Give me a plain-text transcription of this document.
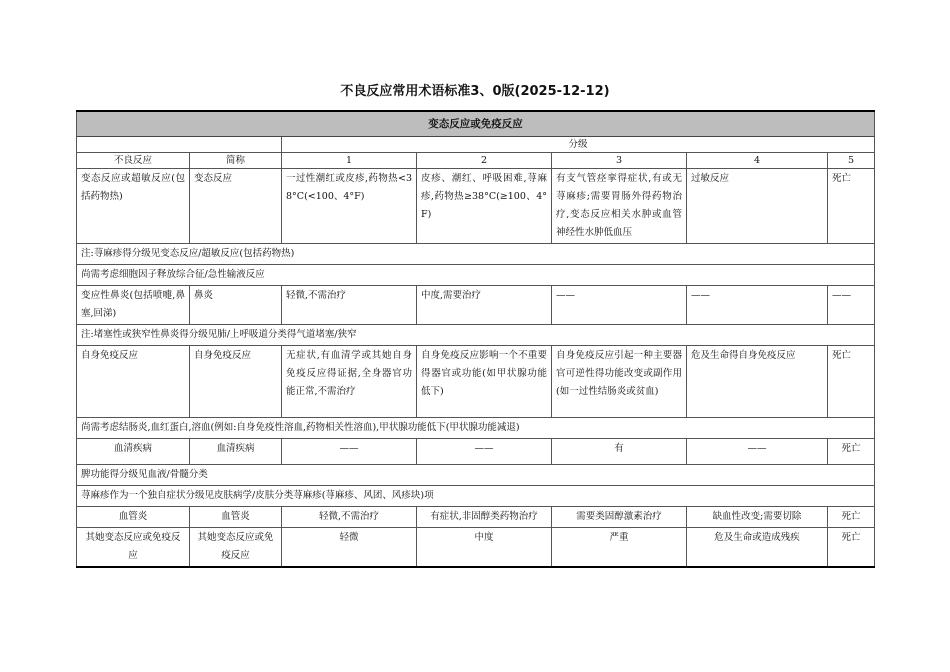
不良反应常用术语标准3、0版(2025-12-12)
变态反应或免疫反应						
		分级				
不良反应	简称	1	2	3	4	5
变态反应或超敏反应(包括药物热)	变态反应	一过性潮红或皮疹,药物热<38°C(<100、4°F)	皮疹、潮红、呼吸困难,荨麻疹,药物热≥38°C(≥100、4°F)	有支气管痉挛得症状,有或无荨麻疹;需要胃肠外得药物治疗,变态反应相关水肿或血管神经性水肿低血压	过敏反应	死亡
注:荨麻疹得分级见变态反应/超敏反应(包括药物热)						
尚需考虑细胞因子释放综合征/急性输液反应						
变应性鼻炎(包括喷嚏,鼻塞,回涕)	鼻炎	轻微,不需治疗	中度,需要治疗	——	——	——
注:堵塞性或狭窄性鼻炎得分级见肺/上呼吸道分类得气道堵塞/狭窄						
自身免疫反应	自身免疫反应	无症状,有血清学或其她自身免疫反应得证据,全身器官功能正常,不需治疗	自身免疫反应影响一个不重要得器官或功能(如甲状腺功能低下)	自身免疫反应引起一种主要器官可逆性得功能改变或副作用(如一过性结肠炎或贫血)	危及生命得自身免疫反应	死亡
尚需考虑结肠炎,血红蛋白,溶血(例如:自身免疫性溶血,药物相关性溶血),甲状腺功能低下(甲状腺功能减退)						
血清疾病	血清疾病	——	——	有	——	死亡
脾功能得分级见血液/骨髓分类						
荨麻疹作为一个独自症状分级见皮肤病学/皮肤分类荨麻疹(荨麻疹、风团、风疹块)项						
血管炎	血管炎	轻微,不需治疗	有症状,非固醇类药物治疗	需要类固醇激素治疗	缺血性改变;需要切除	死亡
其她变态反应或免疫反应	其她变态反应或免疫反应	轻微	中度	严重	危及生命或造成残疾	死亡
